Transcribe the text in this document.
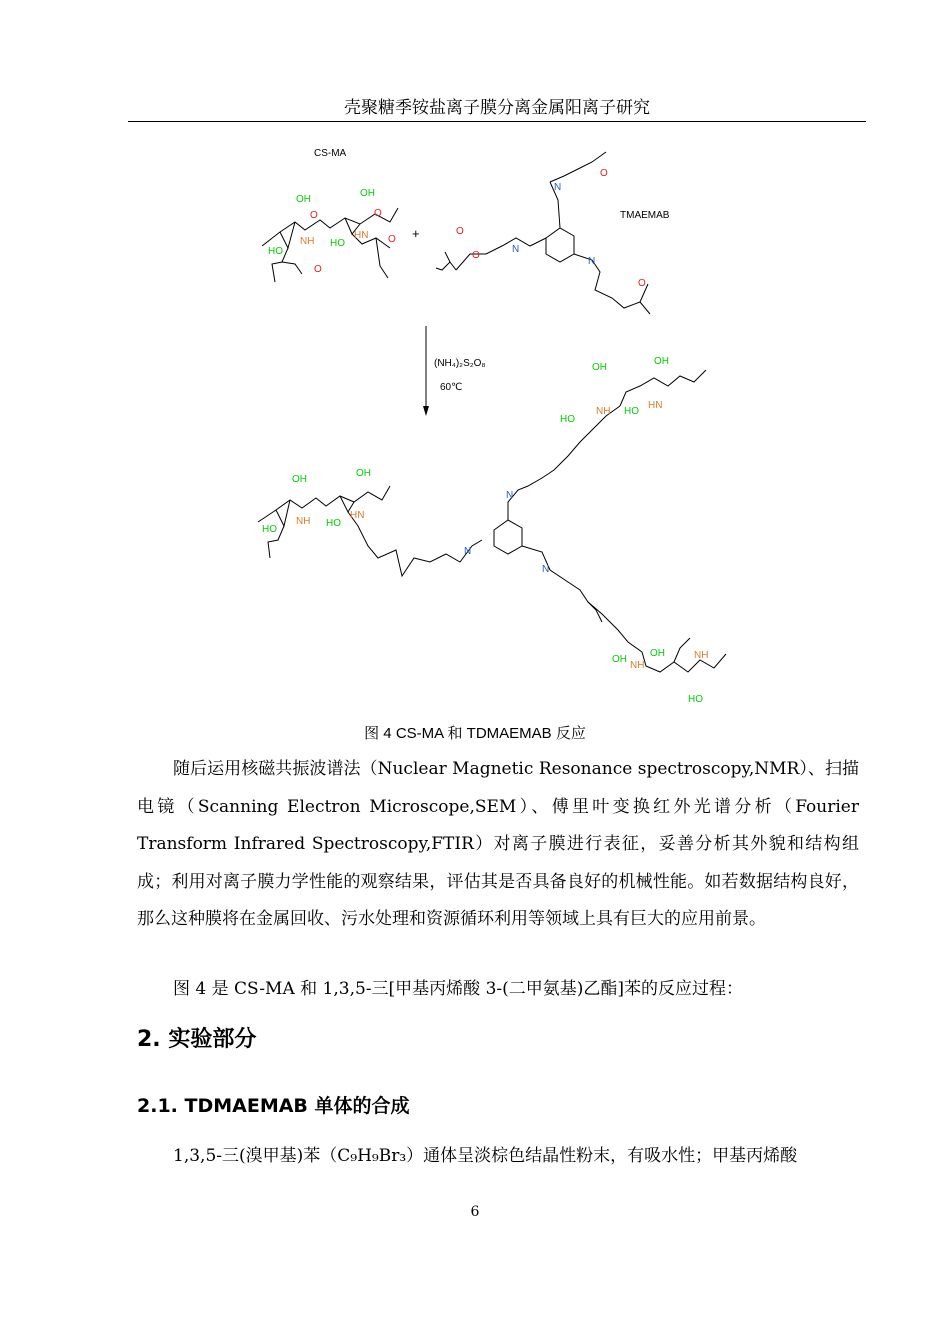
壳聚糖季铵盐离子膜分离金属阳离子研究
CS-MA
TMAEMAB
+
(NH₄)₂S₂O₈
60℃
OH
OH
HO
HO
NH
HN
O	O
O
O
O
O
N
N
N
O
O
OH
OH
HO
HO
NH
HN
OH
OH
HO
HO
NH
HN
N
N
N
OH
OH
HO
NH
NH
图 4 CS-MA 和 TDMAEMAB 反应
随后运用核磁共振波谱法（Nuclear Magnetic Resonance spectroscopy,NMR）、扫描电镜（Scanning Electron Microscope,SEM）、傅里叶变换红外光谱分析（Fourier Transform Infrared Spectroscopy,FTIR）对离子膜进行表征，妥善分析其外貌和结构组成；利用对离子膜力学性能的观察结果，评估其是否具备良好的机械性能。如若数据结构良好，那么这种膜将在金属回收、污水处理和资源循环利用等领域上具有巨大的应用前景。
图 4 是 CS-MA 和 1,3,5-三[甲基丙烯酸 3-(二甲氨基)乙酯]苯的反应过程：
2. 实验部分
2.1. TDMAEMAB 单体的合成
1,3,5-三(溴甲基)苯（C₉H₉Br₃）通体呈淡棕色结晶性粉末，有吸水性；甲基丙烯酸
6
